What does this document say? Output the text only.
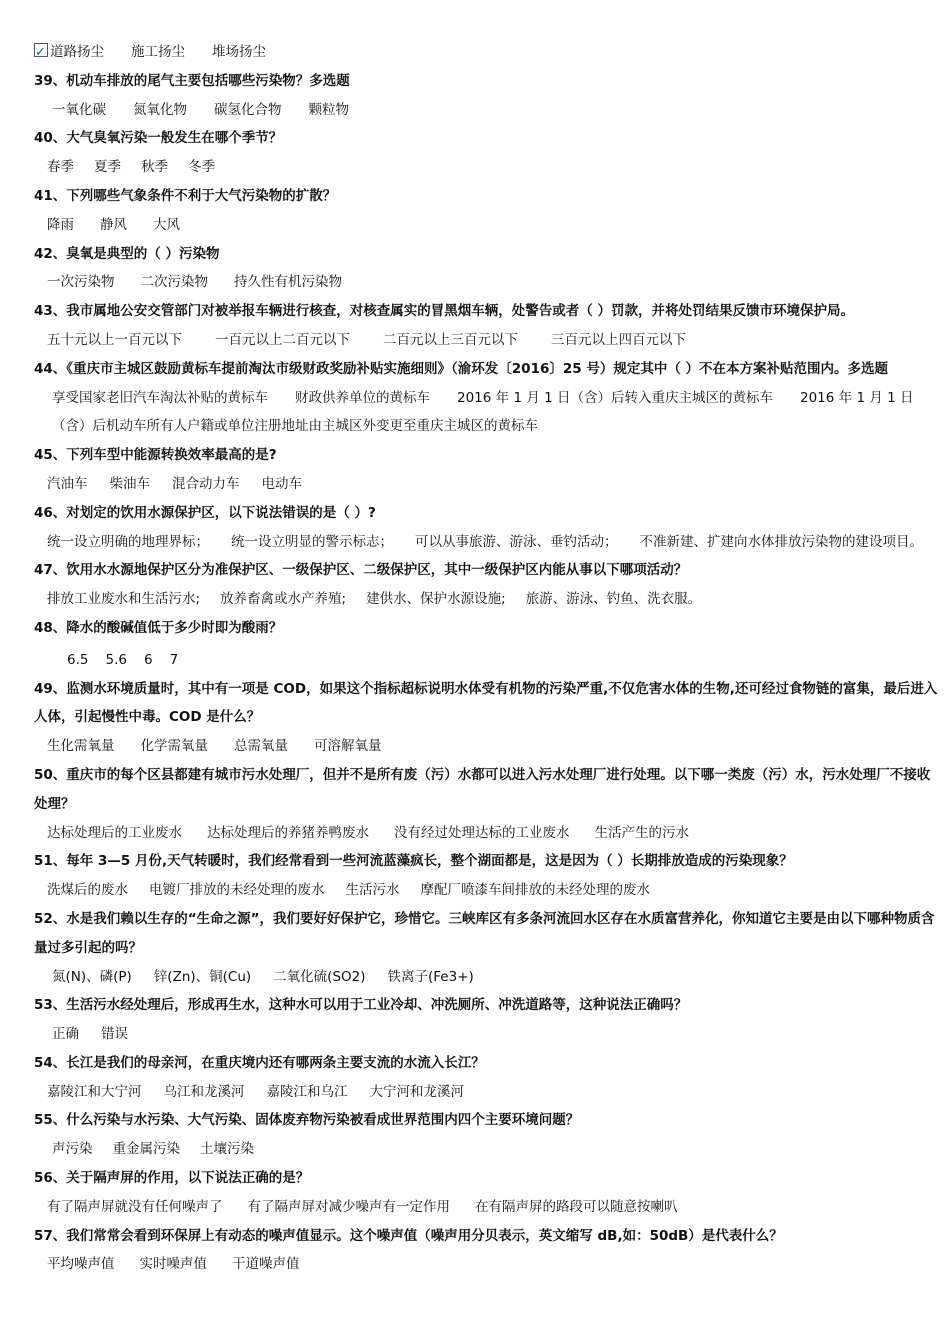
✓道路扬尘 施工扬尘 堆场扬尘
39、机动车排放的尾气主要包括哪些污染物？多选题
一氧化碳 氮氧化物 碳氢化合物 颗粒物
40、大气臭氧污染一般发生在哪个季节？
春季 夏季 秋季 冬季
41、下列哪些气象条件不利于大气污染物的扩散？
降雨 静风 大风
42、臭氧是典型的（ ）污染物
一次污染物 二次污染物 持久性有机污染物
43、我市属地公安交管部门对被举报车辆进行核查，对核查属实的冒黑烟车辆，处警告或者（ ）罚款，并将处罚结果反馈市环境保护局。
五十元以上一百元以下 一百元以上二百元以下 二百元以上三百元以下 三百元以上四百元以下
44、《重庆市主城区鼓励黄标车提前淘汰市级财政奖励补贴实施细则》（渝环发〔2016〕25 号）规定其中（ ）不在本方案补贴范围内。多选题
享受国家老旧汽车淘汰补贴的黄标车 财政供养单位的黄标车 2016 年 1 月 1 日（含）后转入重庆主城区的黄标车 2016 年 1 月 1 日（含）后机动车所有人户籍或单位注册地址由主城区外变更至重庆主城区的黄标车
45、下列车型中能源转换效率最高的是?
汽油车 柴油车 混合动力车 电动车
46、对划定的饮用水源保护区，以下说法错误的是（ ）?
统一设立明确的地理界标； 统一设立明显的警示标志； 可以从事旅游、游泳、垂钓活动； 不准新建、扩建向水体排放污染物的建设项目。
47、饮用水水源地保护区分为准保护区、一级保护区、二级保护区，其中一级保护区内能从事以下哪项活动？
排放工业废水和生活污水; 放养畜禽或水产养殖; 建供水、保护水源设施; 旅游、游泳、钓鱼、洗衣服。
48、降水的酸碱值低于多少时即为酸雨？
6.5 5.6 6 7
49、监测水环境质量时，其中有一项是 COD，如果这个指标超标说明水体受有机物的污染严重,不仅危害水体的生物,还可经过食物链的富集，最后进入人体，引起慢性中毒。COD 是什么？
生化需氧量 化学需氧量 总需氧量 可溶解氧量
50、重庆市的每个区县都建有城市污水处理厂，但并不是所有废（污）水都可以进入污水处理厂进行处理。以下哪一类废（污）水，污水处理厂不接收处理？
达标处理后的工业废水 达标处理后的养猪养鸭废水 没有经过处理达标的工业废水 生活产生的污水
51、每年 3—5 月份,天气转暖时，我们经常看到一些河流蓝藻疯长，整个湖面都是，这是因为（ ）长期排放造成的污染现象？
洗煤后的废水 电镀厂排放的未经处理的废水 生活污水 摩配厂喷漆车间排放的未经处理的废水
52、水是我们赖以生存的“生命之源”，我们要好好保护它，珍惜它。三峡库区有多条河流回水区存在水质富营养化，你知道它主要是由以下哪种物质含量过多引起的吗？
氮(N)、磷(P) 锌(Zn)、铜(Cu) 二氧化硫(SO2) 铁离子(Fe3+)
53、生活污水经处理后，形成再生水，这种水可以用于工业冷却、冲洗厕所、冲洗道路等，这种说法正确吗？
正确 错误
54、长江是我们的母亲河，在重庆境内还有哪两条主要支流的水流入长江？
嘉陵江和大宁河 乌江和龙溪河 嘉陵江和乌江 大宁河和龙溪河
55、什么污染与水污染、大气污染、固体废弃物污染被看成世界范围内四个主要环境问题？
声污染 重金属污染 土壤污染
56、关于隔声屏的作用，以下说法正确的是？
有了隔声屏就没有任何噪声了 有了隔声屏对减少噪声有一定作用 在有隔声屏的路段可以随意按喇叭
57、我们常常会看到环保屏上有动态的噪声值显示。这个噪声值（噪声用分贝表示，英文缩写 dB,如：50dB）是代表什么？
平均噪声值 实时噪声值 干道噪声值
